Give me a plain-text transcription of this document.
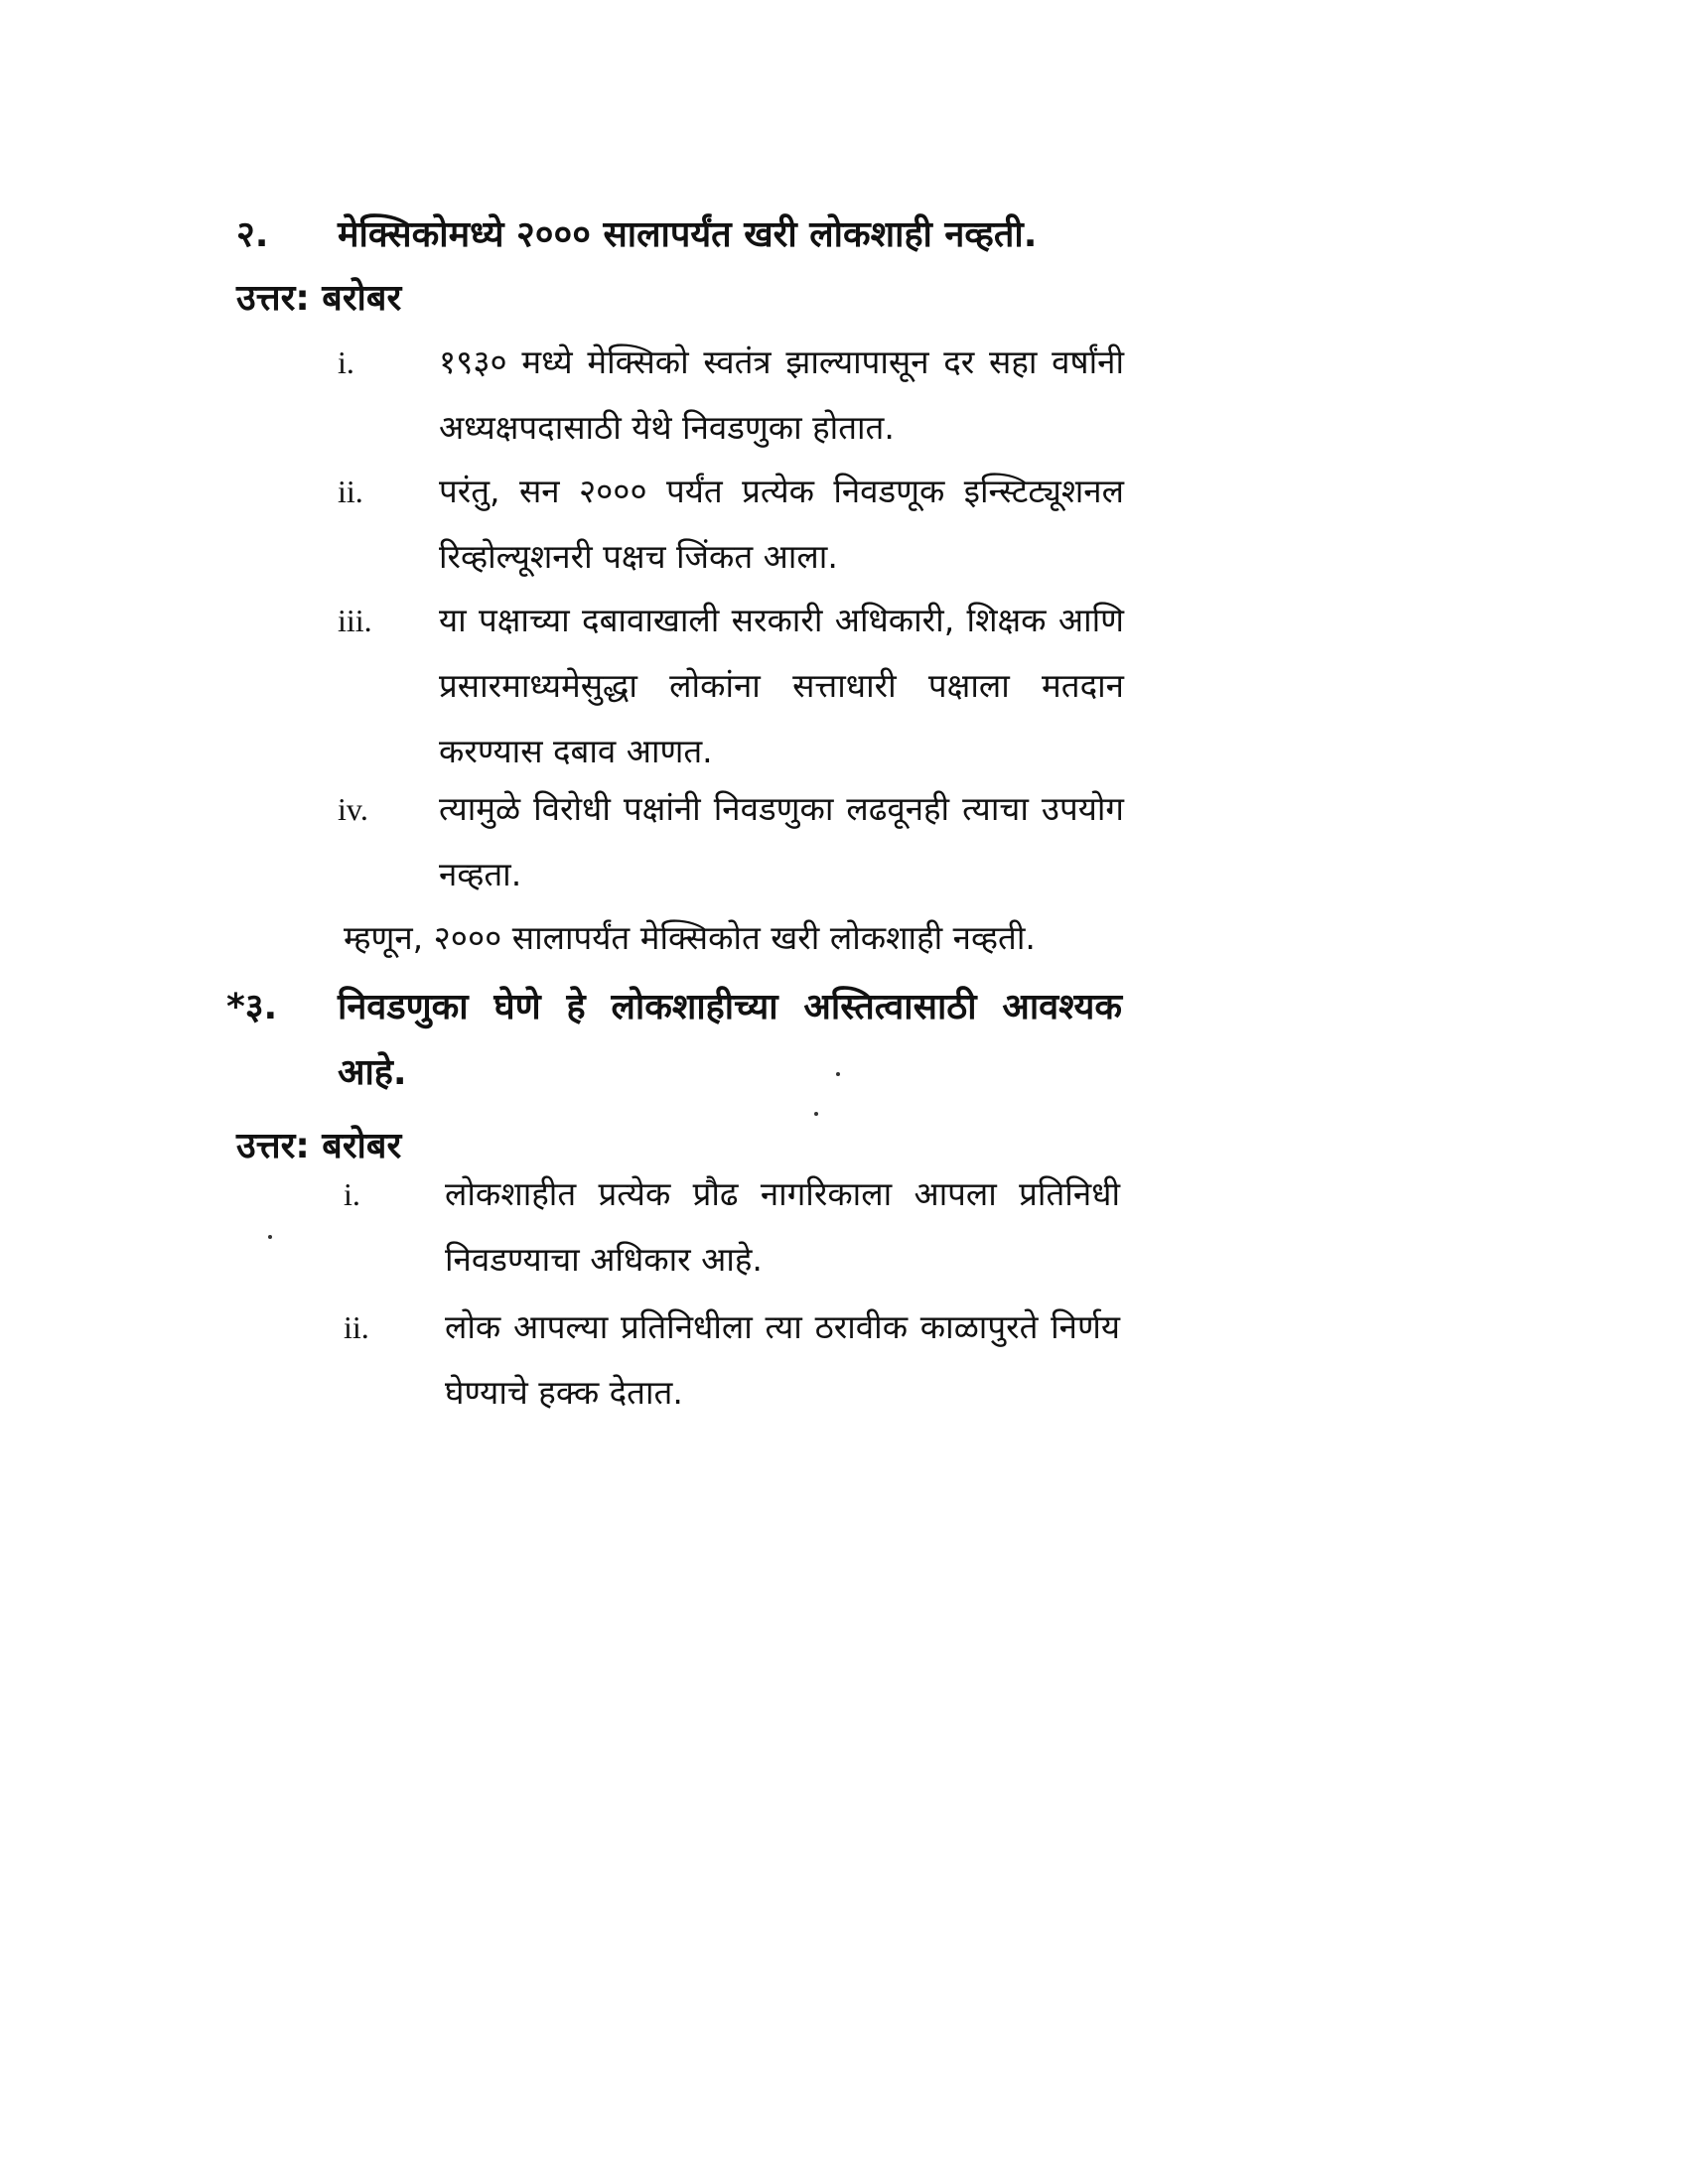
२. मेक्सिकोमध्ये २००० सालापर्यंत खरी लोकशाही नव्हती.
उत्तर: बरोबर
i.	१९३० मध्ये मेक्सिको स्वतंत्र झाल्यापासून दर सहा वर्षांनी अध्यक्षपदासाठी येथे निवडणुका होतात.
ii. परंतु, सन २००० पर्यंत प्रत्येक निवडणूक इन्स्टिट्यूशनल रिव्होल्यूशनरी पक्षच जिंकत आला.
iii. या पक्षाच्या दबावाखाली सरकारी अधिकारी, शिक्षक आणि प्रसारमाध्यमेसुद्धा लोकांना सत्ताधारी पक्षाला मतदान करण्यास दबाव आणत.
iv. त्यामुळे विरोधी पक्षांनी निवडणुका लढवूनही त्याचा उपयोग नव्हता.
म्हणून, २००० सालापर्यंत मेक्सिकोत खरी लोकशाही नव्हती.
*३. निवडणुका घेणे हे लोकशाहीच्या अस्तित्वासाठी आवश्यक आहे.
उत्तर: बरोबर
i.	लोकशाहीत प्रत्येक प्रौढ नागरिकाला आपला प्रतिनिधी निवडण्याचा अधिकार आहे.
ii. लोक आपल्या प्रतिनिधीला त्या ठरावीक काळापुरते निर्णय घेण्याचे हक्क देतात.
